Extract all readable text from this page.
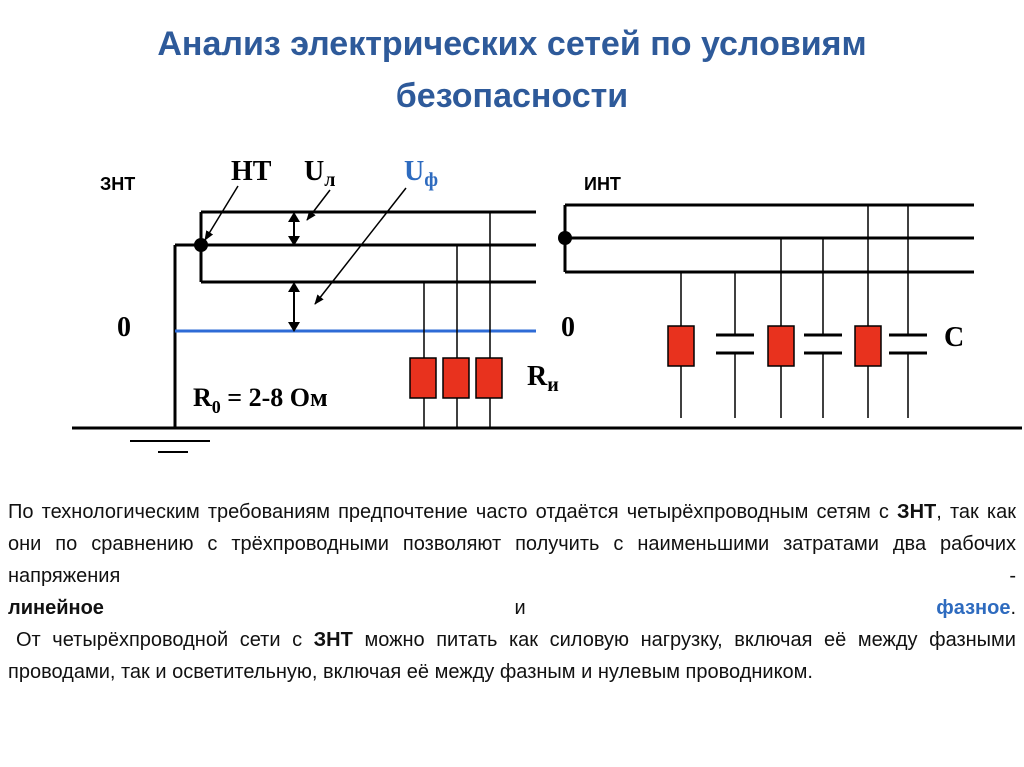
Анализ электрических сетей по условиям
безопасности
ЗНТ	ИНТ
НТ $U_л$ $U_ф$
0	0
$R_0 = 2-8$ Ом
$R_и$
С

По технологическим требованиям предпочтение часто отдаётся четырёхпроводным сетям с ЗНТ, так как они по сравнению с трёхпроводными позволяют получить с наименьшими затратами два рабочих напряжения -
линейное	и	фазное.

От четырёхпроводной сети с ЗНТ можно питать как силовую нагрузку, включая её между фазными проводами, так и осветительную, включая её между фазным и нулевым проводником.
